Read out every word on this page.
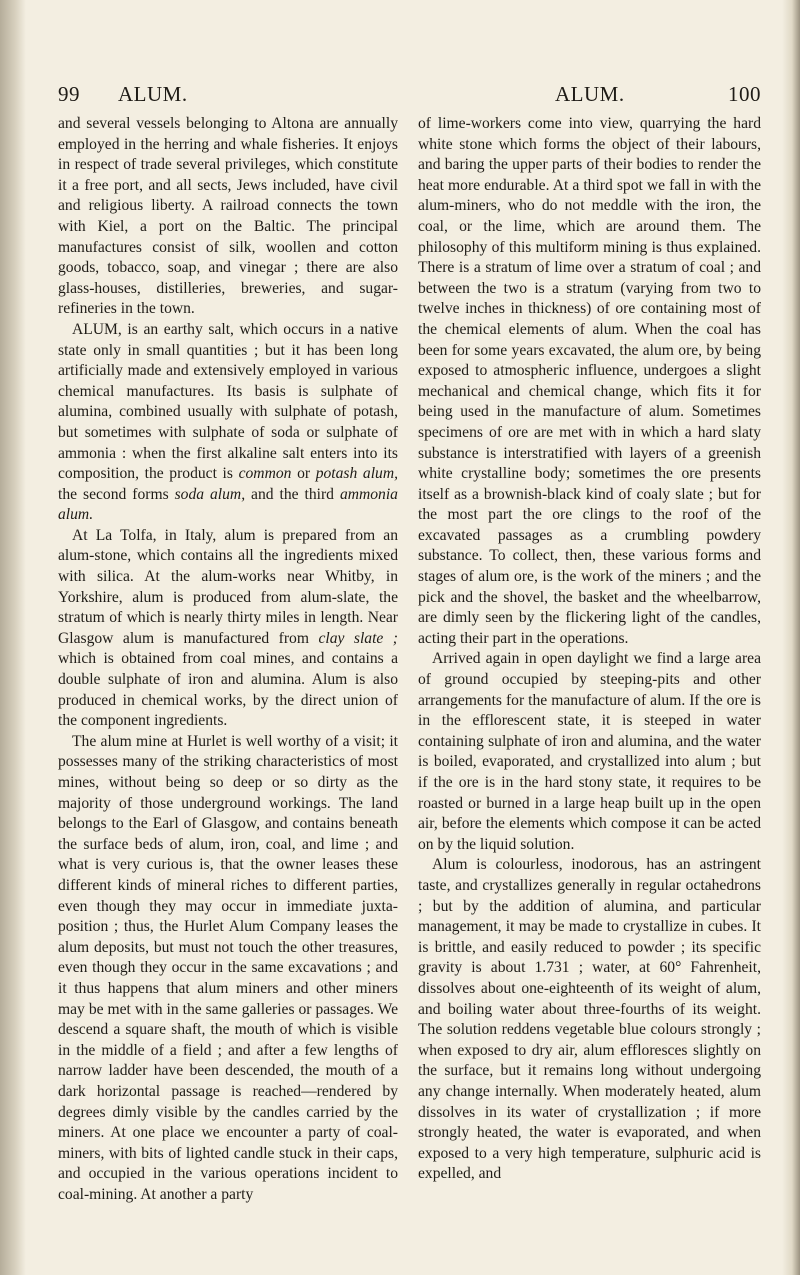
99 ALUM.	ALUM.	100

and several vessels belonging to Altona are annually employed in the herring and whale fisheries. It enjoys in respect of trade several privileges, which constitute it a free port, and all sects, Jews included, have civil and religious liberty. A railroad connects the town with Kiel, a port on the Baltic. The principal manufactures consist of silk, woollen and cotton goods, tobacco, soap, and vinegar ; there are also glass-houses, distilleries, breweries, and sugar-refineries in the town.

ALUM, is an earthy salt, which occurs in a native state only in small quantities ; but it has been long artificially made and extensively employed in various chemical manufactures. Its basis is sulphate of alumina, combined usually with sulphate of potash, but sometimes with sulphate of soda or sulphate of ammonia : when the first alkaline salt enters into its composition, the product is common or potash alum, the second forms soda alum, and the third ammonia alum.

At La Tolfa, in Italy, alum is prepared from an alum-stone, which contains all the ingredients mixed with silica. At the alum-works near Whitby, in Yorkshire, alum is produced from alum-slate, the stratum of which is nearly thirty miles in length. Near Glasgow alum is manufactured from clay slate ; which is obtained from coal mines, and contains a double sulphate of iron and alumina. Alum is also produced in chemical works, by the direct union of the component ingredients.

The alum mine at Hurlet is well worthy of a visit; it possesses many of the striking characteristics of most mines, without being so deep or so dirty as the majority of those underground workings. The land belongs to the Earl of Glasgow, and contains beneath the surface beds of alum, iron, coal, and lime ; and what is very curious is, that the owner leases these different kinds of mineral riches to different parties, even though they may occur in immediate juxta-position ; thus, the Hurlet Alum Company leases the alum deposits, but must not touch the other treasures, even though they occur in the same excavations ; and it thus happens that alum miners and other miners may be met with in the same galleries or passages. We descend a square shaft, the mouth of which is visible in the middle of a field ; and after a few lengths of narrow ladder have been descended, the mouth of a dark horizontal passage is reached—rendered by degrees dimly visible by the candles carried by the miners. At one place we encounter a party of coal-miners, with bits of lighted candle stuck in their caps, and occupied in the various operations incident to coal-mining. At another a party

of lime-workers come into view, quarrying the hard white stone which forms the object of their labours, and baring the upper parts of their bodies to render the heat more endurable. At a third spot we fall in with the alum-miners, who do not meddle with the iron, the coal, or the lime, which are around them. The philosophy of this multiform mining is thus explained. There is a stratum of lime over a stratum of coal ; and between the two is a stratum (varying from two to twelve inches in thickness) of ore containing most of the chemical elements of alum. When the coal has been for some years excavated, the alum ore, by being exposed to atmospheric influence, undergoes a slight mechanical and chemical change, which fits it for being used in the manufacture of alum. Sometimes specimens of ore are met with in which a hard slaty substance is interstratified with layers of a greenish white crystalline body; sometimes the ore presents itself as a brownish-black kind of coaly slate ; but for the most part the ore clings to the roof of the excavated passages as a crumbling powdery substance. To collect, then, these various forms and stages of alum ore, is the work of the miners ; and the pick and the shovel, the basket and the wheelbarrow, are dimly seen by the flickering light of the candles, acting their part in the operations.

Arrived again in open daylight we find a large area of ground occupied by steeping-pits and other arrangements for the manufacture of alum. If the ore is in the efflorescent state, it is steeped in water containing sulphate of iron and alumina, and the water is boiled, evaporated, and crystallized into alum ; but if the ore is in the hard stony state, it requires to be roasted or burned in a large heap built up in the open air, before the elements which compose it can be acted on by the liquid solution.

Alum is colourless, inodorous, has an astringent taste, and crystallizes generally in regular octahedrons ; but by the addition of alumina, and particular management, it may be made to crystallize in cubes. It is brittle, and easily reduced to powder ; its specific gravity is about 1.731 ; water, at 60° Fahrenheit, dissolves about one-eighteenth of its weight of alum, and boiling water about three-fourths of its weight. The solution reddens vegetable blue colours strongly ; when exposed to dry air, alum effloresces slightly on the surface, but it remains long without undergoing any change internally. When moderately heated, alum dissolves in its water of crystallization ; if more strongly heated, the water is evaporated, and when exposed to a very high temperature, sulphuric acid is expelled, and
